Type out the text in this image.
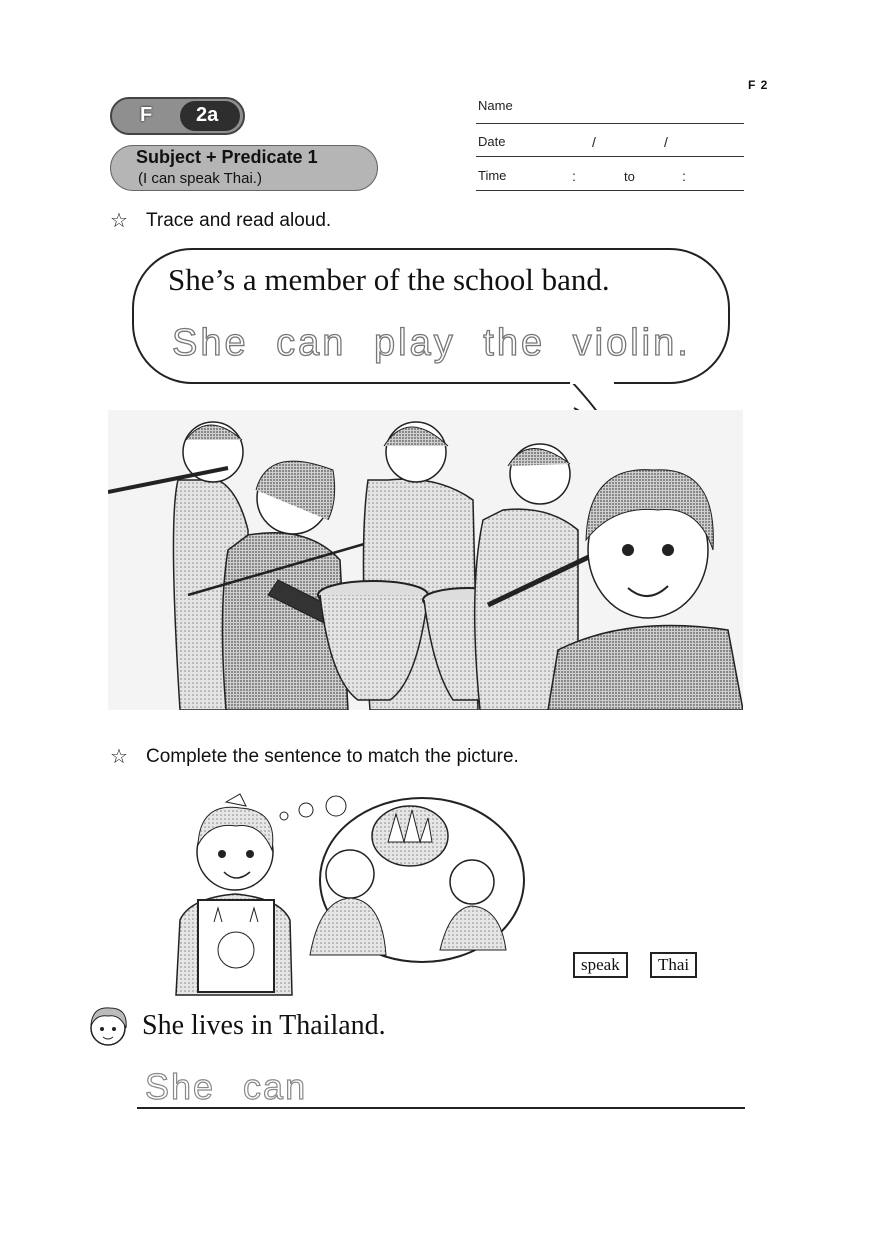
F 2
F 2a
Subject + Predicate 1
(I can speak Thai.)
Name
Date	/	/
Time	:	to	:
☆ Trace and read aloud.
She’s a member of the school band.
She can play the violin.
☆ Complete the sentence to match the picture.
speak	Thai
She lives in Thailand.
She can
